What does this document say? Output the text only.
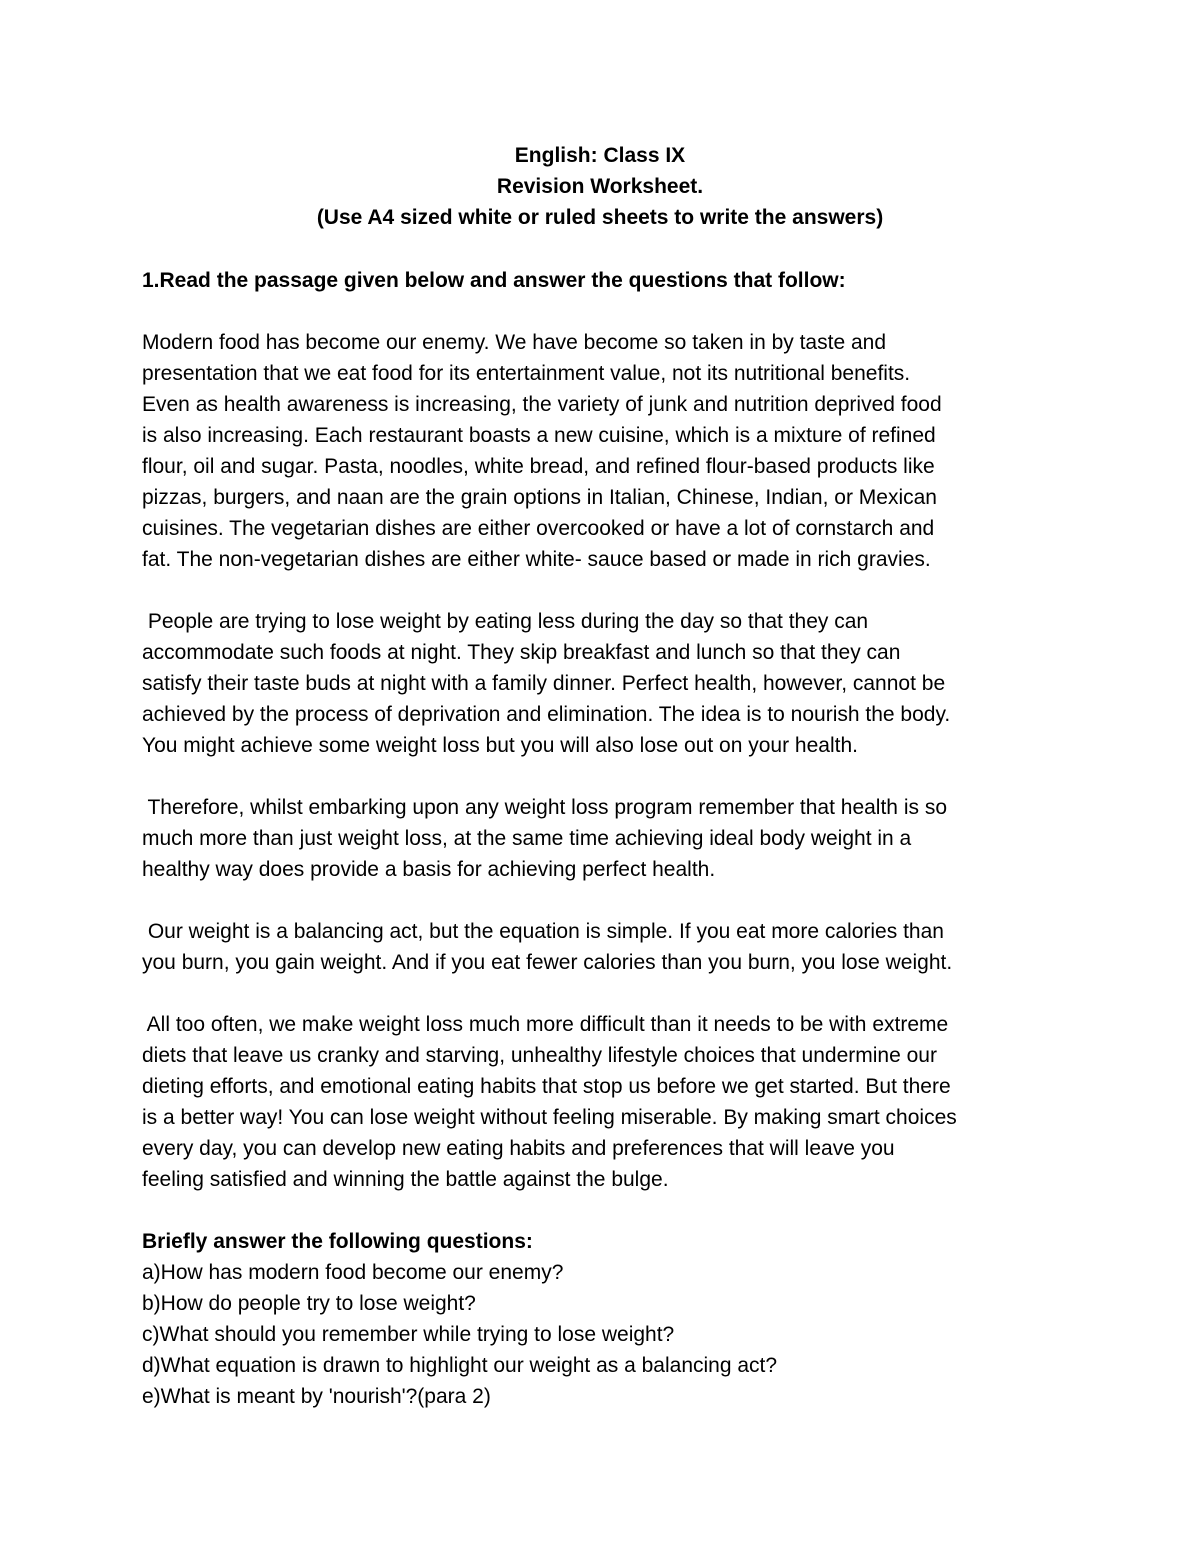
English: Class IX
Revision Worksheet.
(Use A4 sized white or ruled sheets to write the answers)
1.Read the passage given below and answer the questions that follow:
Modern food has become our enemy. We have become so taken in by taste and
presentation that we eat food for its entertainment value, not its nutritional benefits.
Even as health awareness is increasing, the variety of junk and nutrition deprived food
is also increasing. Each restaurant boasts a new cuisine, which is a mixture of refined
flour, oil and sugar. Pasta, noodles, white bread, and refined flour-based products like
pizzas, burgers, and naan are the grain options in Italian, Chinese, Indian, or Mexican
cuisines. The vegetarian dishes are either overcooked or have a lot of cornstarch and
fat. The non-vegetarian dishes are either white- sauce based or made in rich gravies.
People are trying to lose weight by eating less during the day so that they can
accommodate such foods at night. They skip breakfast and lunch so that they can
satisfy their taste buds at night with a family dinner. Perfect health, however, cannot be
achieved by the process of deprivation and elimination. The idea is to nourish the body.
You might achieve some weight loss but you will also lose out on your health.
Therefore, whilst embarking upon any weight loss program remember that health is so
much more than just weight loss, at the same time achieving ideal body weight in a
healthy way does provide a basis for achieving perfect health.
Our weight is a balancing act, but the equation is simple. If you eat more calories than
you burn, you gain weight. And if you eat fewer calories than you burn, you lose weight.
All too often, we make weight loss much more difficult than it needs to be with extreme
diets that leave us cranky and starving, unhealthy lifestyle choices that undermine our
dieting efforts, and emotional eating habits that stop us before we get started. But there
is a better way! You can lose weight without feeling miserable. By making smart choices
every day, you can develop new eating habits and preferences that will leave you
feeling satisfied and winning the battle against the bulge.
Briefly answer the following questions:
a)How has modern food become our enemy?
b)How do people try to lose weight?
c)What should you remember while trying to lose weight?
d)What equation is drawn to highlight our weight as a balancing act?
e)What is meant by 'nourish'?(para 2)
